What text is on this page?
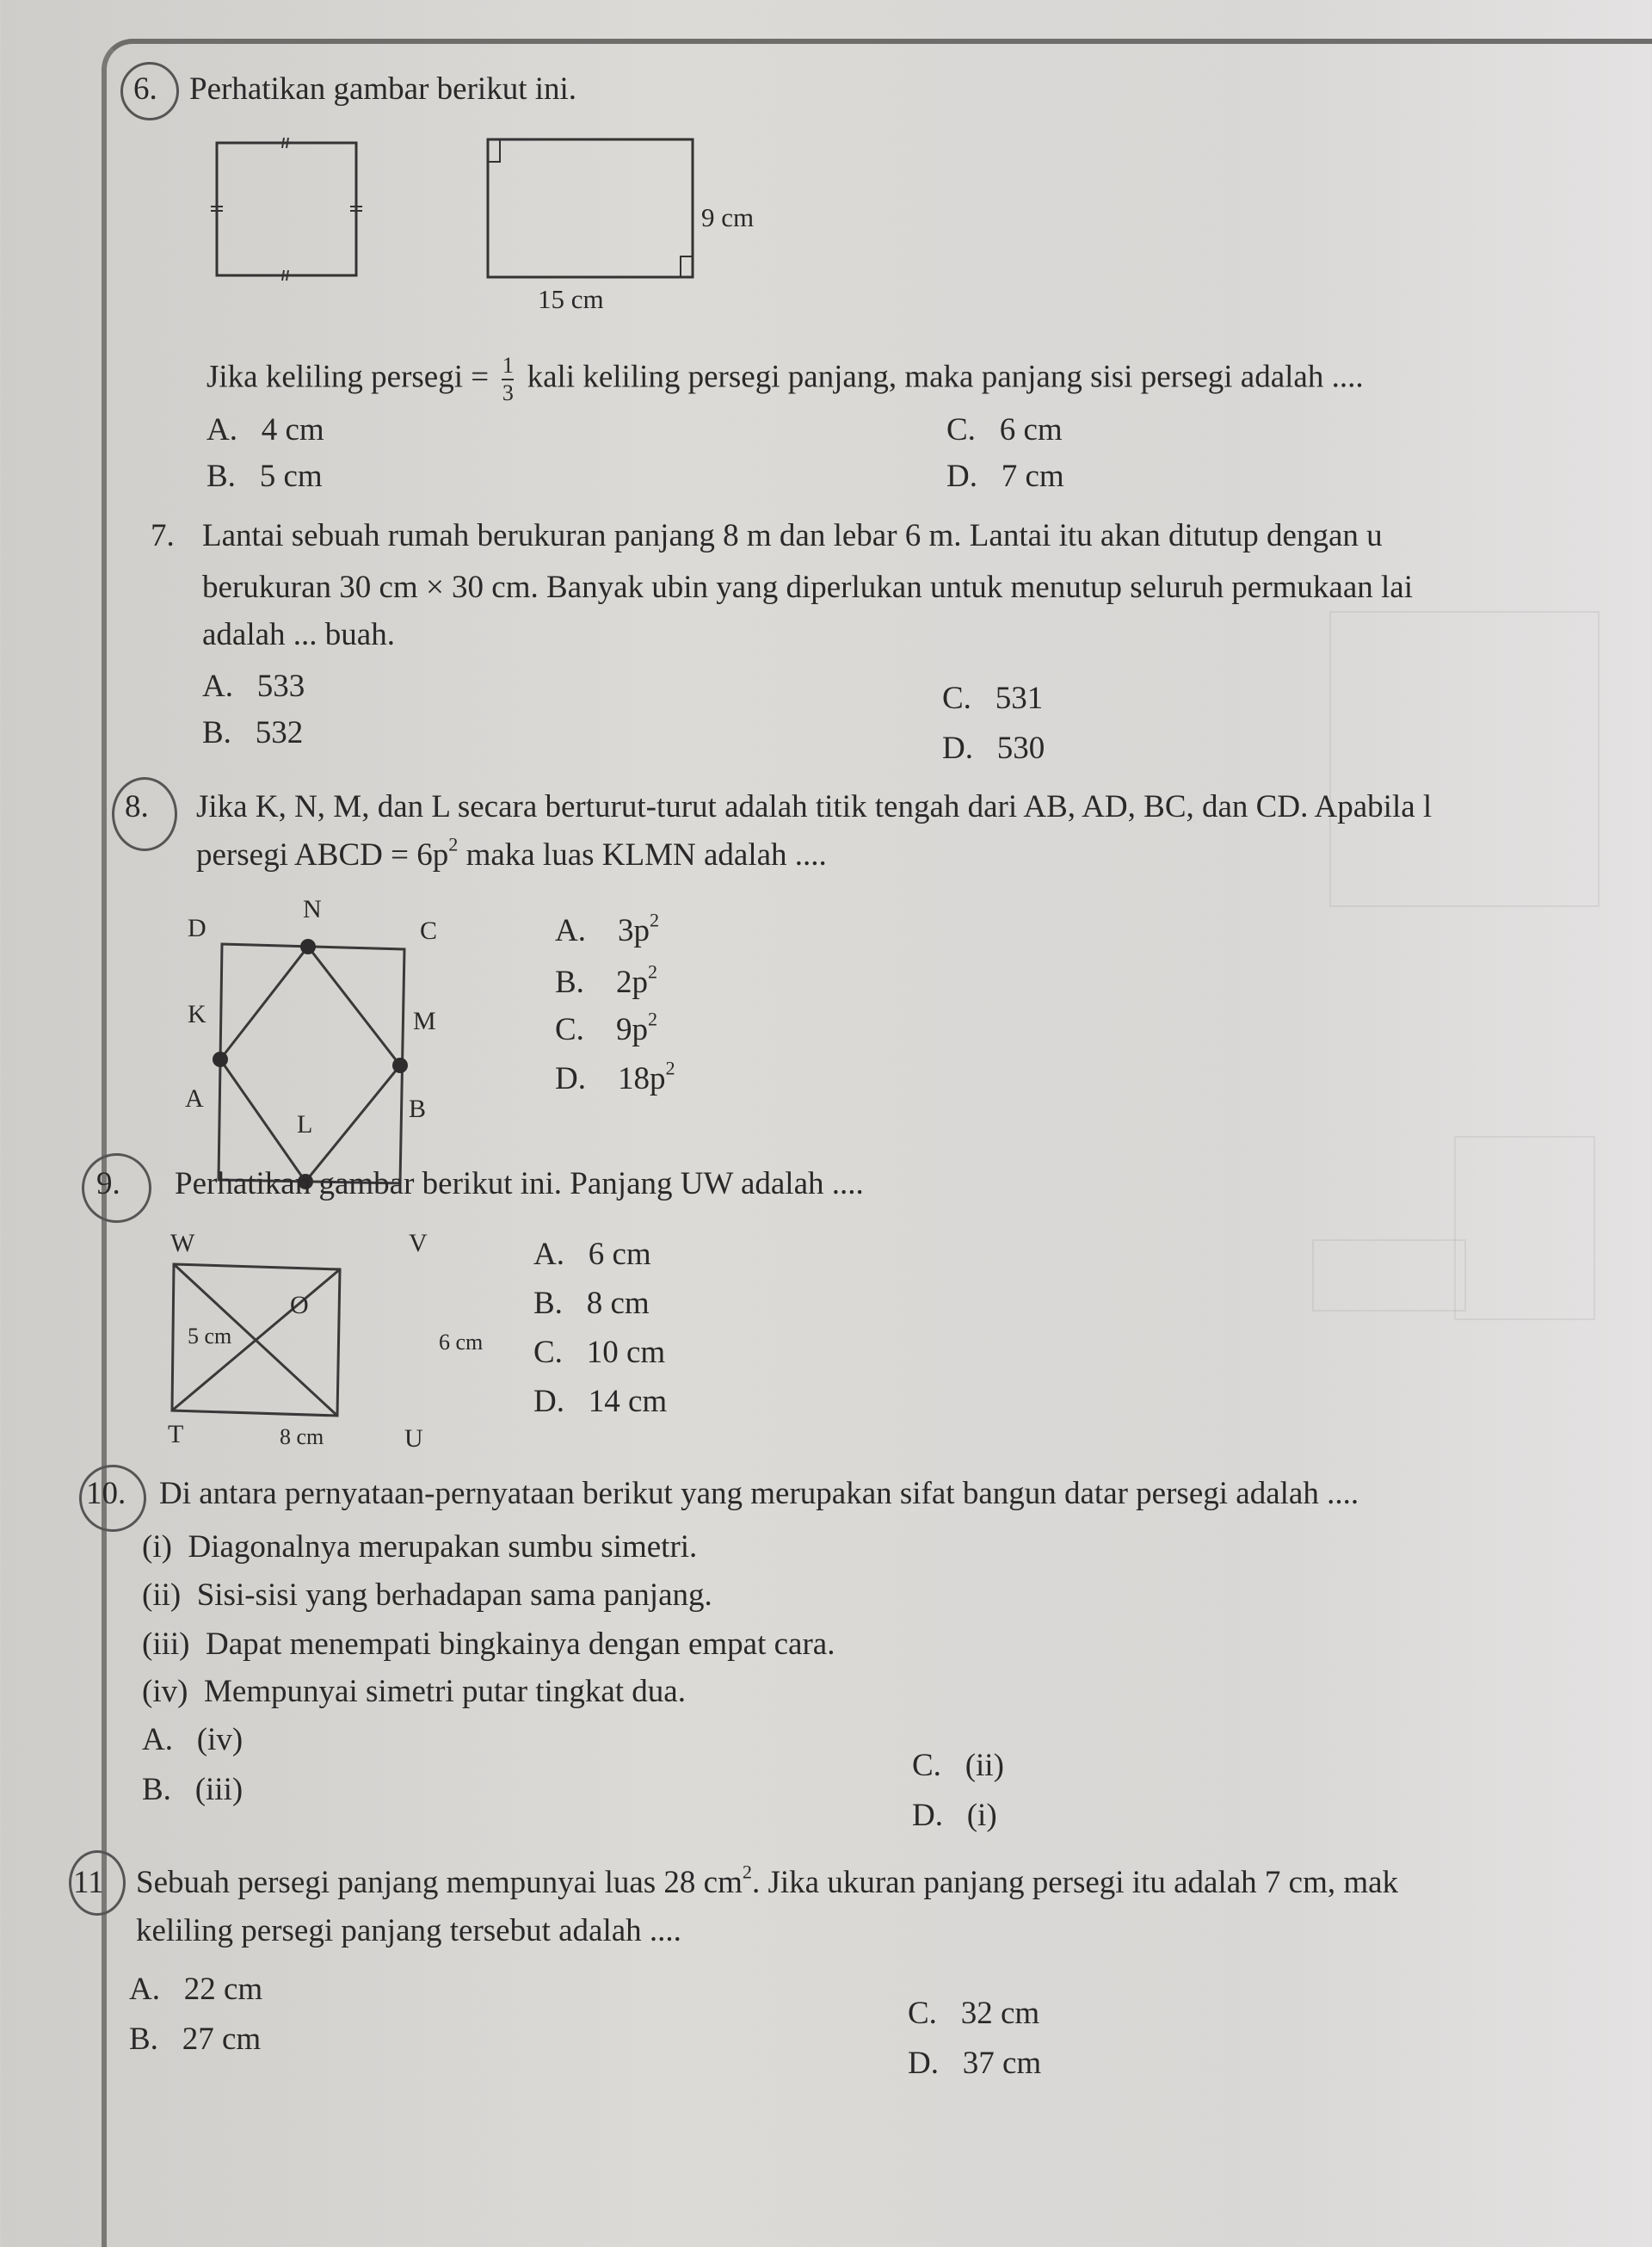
6. Perhatikan gambar berikut ini.
9 cm
15 cm
Jika keliling persegi = $\frac{1}{3}$ kali keliling persegi panjang, maka panjang sisi persegi adalah ....
A. 4 cm
B. 5 cm
C. 6 cm
D. 7 cm
7. Lantai sebuah rumah berukuran panjang 8 m dan lebar 6 m. Lantai itu akan ditutup dengan u
berukuran 30 cm × 30 cm. Banyak ubin yang diperlukan untuk menutup seluruh permukaan lai
adalah ... buah.
A. 533
B. 532
C. 531
D. 530
8. Jika K, N, M, dan L secara berturut-turut adalah titik tengah dari AB, AD, BC, dan CD. Apabila l
persegi ABCD = $6p^2$ maka luas KLMN adalah ....
D
N
C
K	M
A
L
B
A. $3p^2$
B. $2p^2$
C. $9p^2$
D. $18p^2$
9. Perhatikan gambar berikut ini. Panjang UW adalah ....
W	V
O
5 cm	6 cm
T	8 cm	U
A. 6 cm
B. 8 cm
C. 10 cm
D. 14 cm
10. Di antara pernyataan-pernyataan berikut yang merupakan sifat bangun datar persegi adalah ....
(i) Diagonalnya merupakan sumbu simetri.
(ii) Sisi-sisi yang berhadapan sama panjang.
(iii) Dapat menempati bingkainya dengan empat cara.
(iv) Mempunyai simetri putar tingkat dua.
A. (iv)
B. (iii)
C. (ii)
D. (i)
11 Sebuah persegi panjang mempunyai luas 28 $cm^2$. Jika ukuran panjang persegi itu adalah 7 cm, mak
keliling persegi panjang tersebut adalah ....
A. 22 cm
B. 27 cm
C. 32 cm
D. 37 cm
